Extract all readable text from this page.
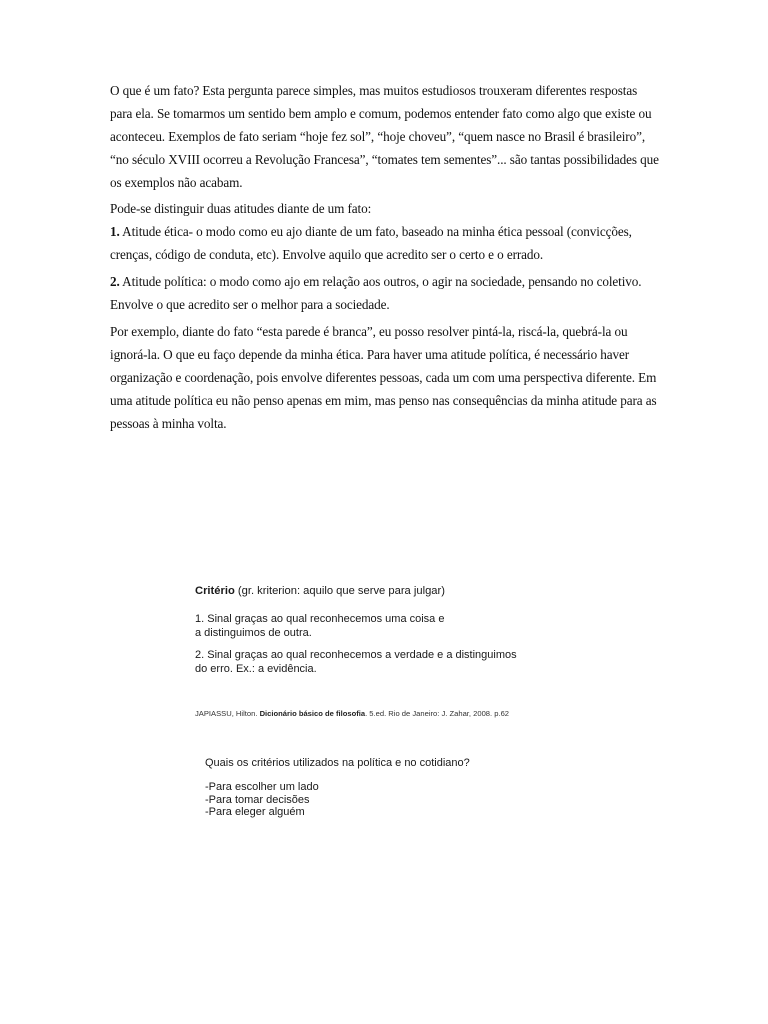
O que é um fato? Esta pergunta parece simples, mas muitos estudiosos trouxeram diferentes respostas
para ela. Se tomarmos um sentido bem amplo e comum, podemos entender fato como algo que existe ou
aconteceu. Exemplos de fato seriam “hoje fez sol”, “hoje choveu”, “quem nasce no Brasil é brasileiro”,
“no século XVIII ocorreu a Revolução Francesa”, “tomates tem sementes”... são tantas possibilidades que
os exemplos não acabam.
Pode-se distinguir duas atitudes diante de um fato:
1. Atitude ética- o modo como eu ajo diante de um fato, baseado na minha ética pessoal (convicções,
crenças, código de conduta, etc). Envolve aquilo que acredito ser o certo e o errado.
2. Atitude política: o modo como ajo em relação aos outros, o agir na sociedade, pensando no coletivo.
Envolve o que acredito ser o melhor para a sociedade.
Por exemplo, diante do fato “esta parede é branca”, eu posso resolver pintá-la, riscá-la, quebrá-la ou
ignorá-la. O que eu faço depende da minha ética. Para haver uma atitude política, é necessário haver
organização e coordenação, pois envolve diferentes pessoas, cada um com uma perspectiva diferente. Em
uma atitude política eu não penso apenas em mim, mas penso nas consequências da minha atitude para as
pessoas à minha volta.

Critério (gr. kriterion: aquilo que serve para julgar)

1. Sinal graças ao qual reconhecemos uma coisa e
a distinguimos de outra.

2. Sinal graças ao qual reconhecemos a verdade e a distinguimos
do erro. Ex.: a evidência.

JAPIASSU, Hilton. Dicionário básico de filosofia. 5.ed. Rio de Janeiro: J. Zahar, 2008. p.62

Quais os critérios utilizados na política e no cotidiano?

-Para escolher um lado
-Para tomar decisões
-Para eleger alguém
